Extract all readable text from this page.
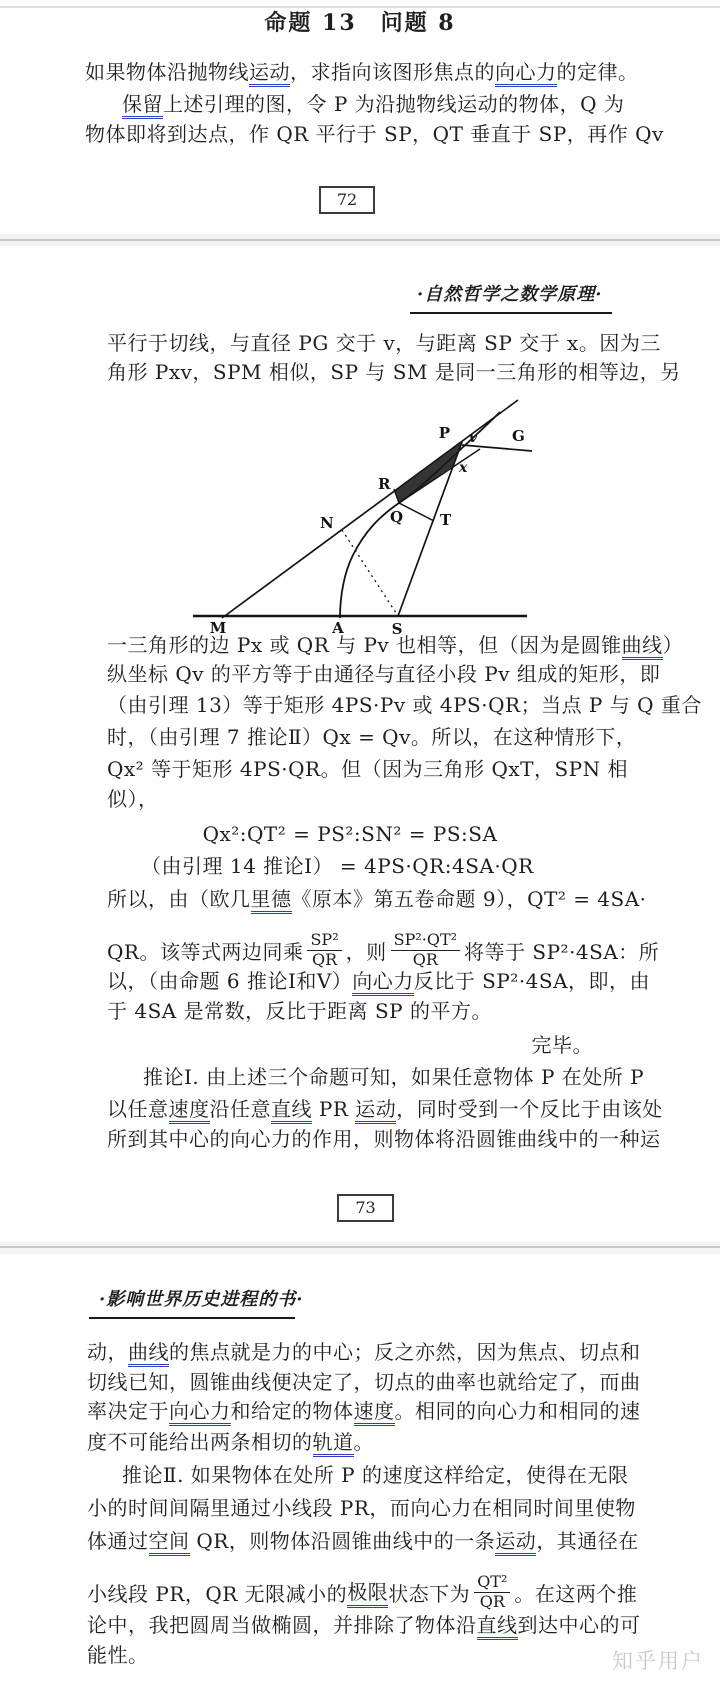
命题 13　问题 8
如果物体沿抛物线运动，求指向该图形焦点的向心力的定律。
保留上述引理的图，令 P 为沿抛物线运动的物体，Q 为
物体即将到达点，作 QR 平行于 SP，QT 垂直于 SP，再作 Qv
72
·自然哲学之数学原理·
平行于切线，与直径 PG 交于 v，与距离 SP 交于 x。因为三
角形 Pxv，SPM 相似，SP 与 SM 是同一三角形的相等边，另
P v G
x
R
Q T
N
M	A	S
一三角形的边 Px 或 QR 与 Pv 也相等，但（因为是圆锥曲线）
纵坐标 Qv 的平方等于由通径与直径小段 Pv 组成的矩形，即
（由引理 13）等于矩形 4PS·Pv 或 4PS·QR；当点 P 与 Q 重合
时，（由引理 7 推论Ⅱ）Qx = Qv。所以，在这种情形下，
Qx² 等于矩形 4PS·QR。但（因为三角形 QxT，SPN 相
似），
Qx²:QT² = PS²:SN² = PS:SA
（由引理 14 推论Ⅰ） = 4PS·QR:4SA·QR
所以，由（欧几里德《原本》第五卷命题 9），QT² = 4SA·
QR。该等式两边同乘 $\frac{\text{SP²}}{QR}$ ，则 $\frac{\text{SP²·QT²}}{QR}$ 将等于 SP²·4SA：所
以，（由命题 6 推论Ⅰ和Ⅴ）向心力反比于 SP²·4SA，即，由
于 4SA 是常数，反比于距离 SP 的平方。
完毕。
推论Ⅰ. 由上述三个命题可知，如果任意物体 P 在处所 P
以任意速度沿任意直线 PR 运动，同时受到一个反比于由该处
所到其中心的向心力的作用，则物体将沿圆锥曲线中的一种运
73
·影响世界历史进程的书·
动，曲线的焦点就是力的中心；反之亦然，因为焦点、切点和
切线已知，圆锥曲线便决定了，切点的曲率也就给定了，而曲
率决定于向心力和给定的物体速度。相同的向心力和相同的速
度不可能给出两条相切的轨道。
推论Ⅱ. 如果物体在处所 P 的速度这样给定，使得在无限
小的时间间隔里通过小线段 PR，而向心力在相同时间里使物
体通过空间 QR，则物体沿圆锥曲线中的一条运动，其通径在
小线段 PR，QR 无限减小的 极限 状态下为 $\frac{\text{QT²}}{QR}$ 。在这两个推
论中，我把圆周当做椭圆，并排除了物体沿直线到达中心的可
能性。	知乎用户
